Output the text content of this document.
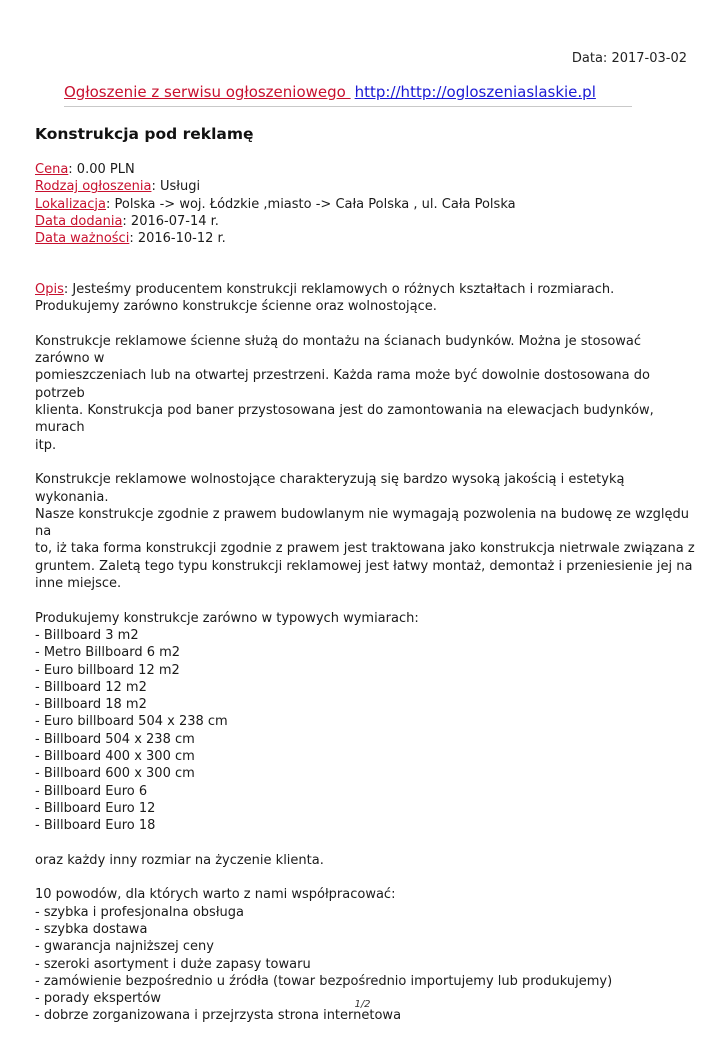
Data: 2017-03-02
Ogłoszenie z serwisu ogłoszeniowego http://http://ogloszeniaslaskie.pl
Konstrukcja pod reklamę
Cena: 0.00 PLN
Rodzaj ogłoszenia: Usługi
Lokalizacja: Polska -> woj. Łódzkie ,miasto -> Cała Polska , ul. Cała Polska
Data dodania: 2016-07-14 r.
Data ważności: 2016-10-12 r.

Opis: Jesteśmy producentem konstrukcji reklamowych o różnych kształtach i rozmiarach.
Produkujemy zarówno konstrukcje ścienne oraz wolnostojące.

Konstrukcje reklamowe ścienne służą do montażu na ścianach budynków. Można je stosować zarówno w
pomieszczeniach lub na otwartej przestrzeni. Każda rama może być dowolnie dostosowana do potrzeb
klienta. Konstrukcja pod baner przystosowana jest do zamontowania na elewacjach budynków, murach
itp.

Konstrukcje reklamowe wolnostojące charakteryzują się bardzo wysoką jakością i estetyką wykonania.
Nasze konstrukcje zgodnie z prawem budowlanym nie wymagają pozwolenia na budowę ze względu na
to, iż taka forma konstrukcji zgodnie z prawem jest traktowana jako konstrukcja nietrwale związana z
gruntem. Zaletą tego typu konstrukcji reklamowej jest łatwy montaż, demontaż i przeniesienie jej na
inne miejsce.

Produkujemy konstrukcje zarówno w typowych wymiarach:
- Billboard 3 m2
- Metro Billboard 6 m2
- Euro billboard 12 m2
- Billboard 12 m2
- Billboard 18 m2
- Euro billboard 504 x 238 cm
- Billboard 504 x 238 cm
- Billboard 400 x 300 cm
- Billboard 600 x 300 cm
- Billboard Euro 6
- Billboard Euro 12
- Billboard Euro 18

oraz każdy inny rozmiar na życzenie klienta.

10 powodów, dla których warto z nami współpracować:
- szybka i profesjonalna obsługa
- szybka dostawa
- gwarancja najniższej ceny
- szeroki asortyment i duże zapasy towaru
- zamówienie bezpośrednio u źródła (towar bezpośrednio importujemy lub produkujemy)
- porady ekspertów
- dobrze zorganizowana i przejrzysta strona internetowa

1/2
